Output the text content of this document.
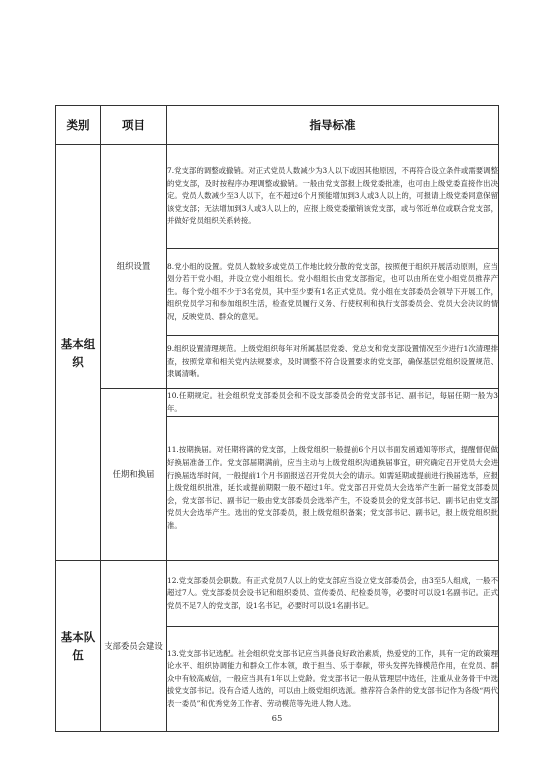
类别	项目	指导标准
基本组织	组织设置	7.党支部的调整或撤销。对正式党员人数减少为3人以下或因其他原因，不再符合设立条件或需要调整的党支部，及时按程序办理调整或撤销。一般由党支部报上级党委批准，也可由上级党委直接作出决定。党员人数减少至3人以下，在不超过6个月预能增加到3人或3人以上的，可报请上级党委同意保留该党支部；无法增加到3人或3人以上的，应报上级党委撤销该党支部，或与邻近单位或联合党支部，并做好党员组织关系转接。
		8.党小组的设置。党员人数较多或党员工作地比较分散的党支部，按照便于组织开展活动原则，应当划分若干党小组，并设立党小组组长。党小组组长由党支部指定，也可以由所在党小组党员推荐产生。每个党小组不少于3名党员，其中至少要有1名正式党员。党小组在支部委员会领导下开展工作，组织党员学习和参加组织生活，检查党员履行义务、行使权利和执行支部委员会、党员大会决议的情况，反映党员、群众的意见。
		9.组织设置清理规范。上级党组织每年对所属基层党委、党总支和党支部设置情况至少进行1次清理排查，按照党章和相关党内法规要求，及时调整不符合设置要求的党支部，确保基层党组织设置规范、隶属清晰。
	任期和换届	10.任期规定。社会组织党支部委员会和不设支部委员会的党支部书记、副书记，每届任期一般为3年。
		11.按期换届。对任期将满的党支部，上级党组织一般提前6个月以书面发函通知等形式，提醒督促做好换届准备工作。党支部届期满前，应当主动与上级党组织沟通换届事宜，研究确定召开党员大会进行换届选举时间，一般提前1个月书面报送召开党员大会的请示。如需延期或提前进行换届选举，应报上级党组织批准，延长或提前期限一般不超过1年。党支部召开党员大会选举产生新一届党支部委员会，党支部书记、副书记一般由党支部委员会选举产生，不设委员会的党支部书记、副书记由党支部党员大会选举产生。选出的党支部委员，报上级党组织备案；党支部书记、副书记，报上级党组织批准。
基本队伍	支部委员会建设	12.党支部委员会职数。有正式党员7人以上的党支部应当设立党支部委员会，由3至5人组成，一般不超过7人。党支部委员会设书记和组织委员、宣传委员、纪检委员等，必要时可以设1名副书记。正式党员不足7人的党支部，设1名书记，必要时可以设1名副书记。
		13.党支部书记选配。社会组织党支部书记应当具备良好政治素质，热爱党的工作，具有一定的政策理论水平、组织协调能力和群众工作本领，敢于担当、乐于奉献，带头发挥先锋模范作用，在党员、群众中有较高威信，一般应当具有1年以上党龄。党支部书记一般从管理层中选任，注重从业务骨干中选拔党支部书记。没有合适人选的，可以由上级党组织选派。推荐符合条件的党支部书记作为各级“两代表一委员”和优秀党务工作者、劳动模范等先进人物人选。
65
